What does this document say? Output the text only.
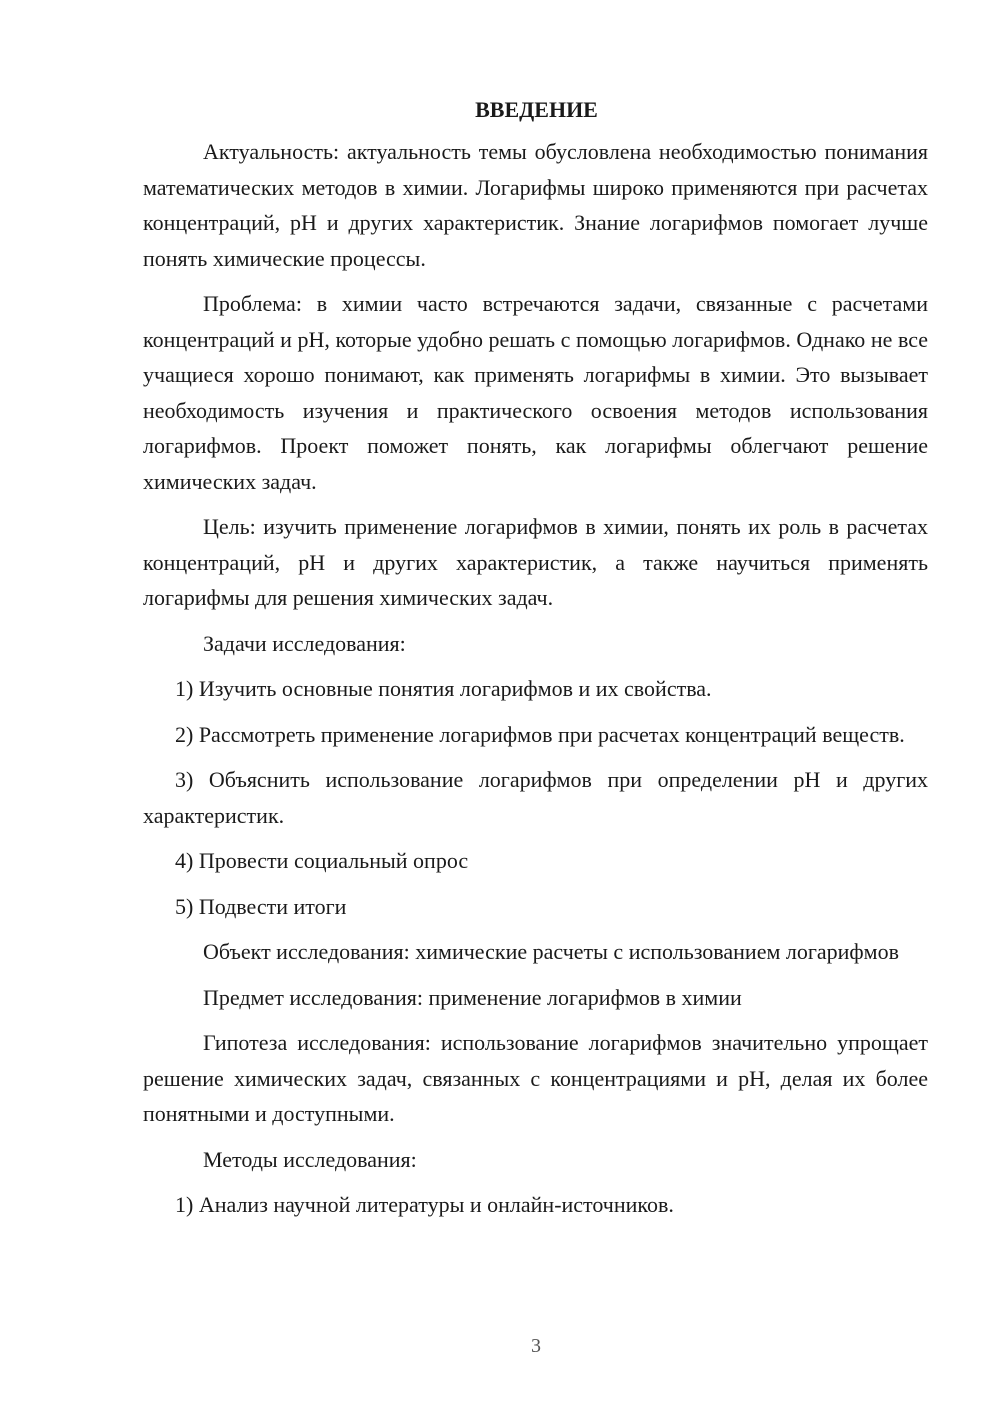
ВВЕДЕНИЕ

Актуальность: актуальность темы обусловлена необходимостью понимания математических методов в химии. Логарифмы широко применяются при расчетах концентраций, pH и других характеристик. Знание логарифмов помогает лучше понять химические процессы.

Проблема: в химии часто встречаются задачи, связанные с расчетами концентраций и pH, которые удобно решать с помощью логарифмов. Однако не все учащиеся хорошо понимают, как применять логарифмы в химии. Это вызывает необходимость изучения и практического освоения методов использования логарифмов. Проект поможет понять, как логарифмы облегчают решение химических задач.

Цель: изучить применение логарифмов в химии, понять их роль в расчетах концентраций, pH и других характеристик, а также научиться применять логарифмы для решения химических задач.

Задачи исследования:

1) Изучить основные понятия логарифмов и их свойства.

2) Рассмотреть применение логарифмов при расчетах концентраций веществ.

3) Объяснить использование логарифмов при определении pH и других характеристик.

4) Провести социальный опрос

5) Подвести итоги

Объект исследования: химические расчеты с использованием логарифмов

Предмет исследования: применение логарифмов в химии

Гипотеза исследования: использование логарифмов значительно упрощает решение химических задач, связанных с концентрациями и pH, делая их более понятными и доступными.

Методы исследования:

1) Анализ научной литературы и онлайн-источников.

3
